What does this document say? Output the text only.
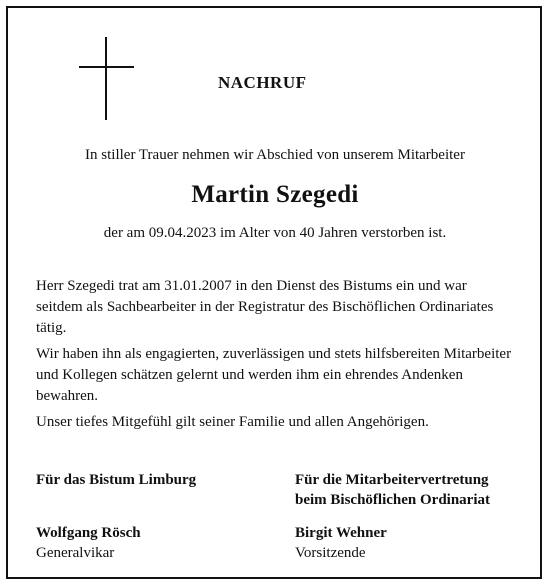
NACHRUF
In stiller Trauer nehmen wir Abschied von unserem Mitarbeiter
Martin Szegedi
der am 09.04.2023 im Alter von 40 Jahren verstorben ist.

Herr Szegedi trat am 31.01.2007 in den Dienst des Bistums ein und war seitdem als Sachbearbeiter in der Registratur des Bischöflichen Ordinariates tätig.

Wir haben ihn als engagierten, zuverlässigen und stets hilfsbereiten Mitarbeiter und Kollegen schätzen gelernt und werden ihm ein ehrendes Andenken bewahren.

Unser tiefes Mitgefühl gilt seiner Familie und allen Angehörigen.

Für das Bistum Limburg
Wolfgang Rösch
Generalvikar
Für die Mitarbeitervertretung
beim Bischöflichen Ordinariat
Birgit Wehner
Vorsitzende
